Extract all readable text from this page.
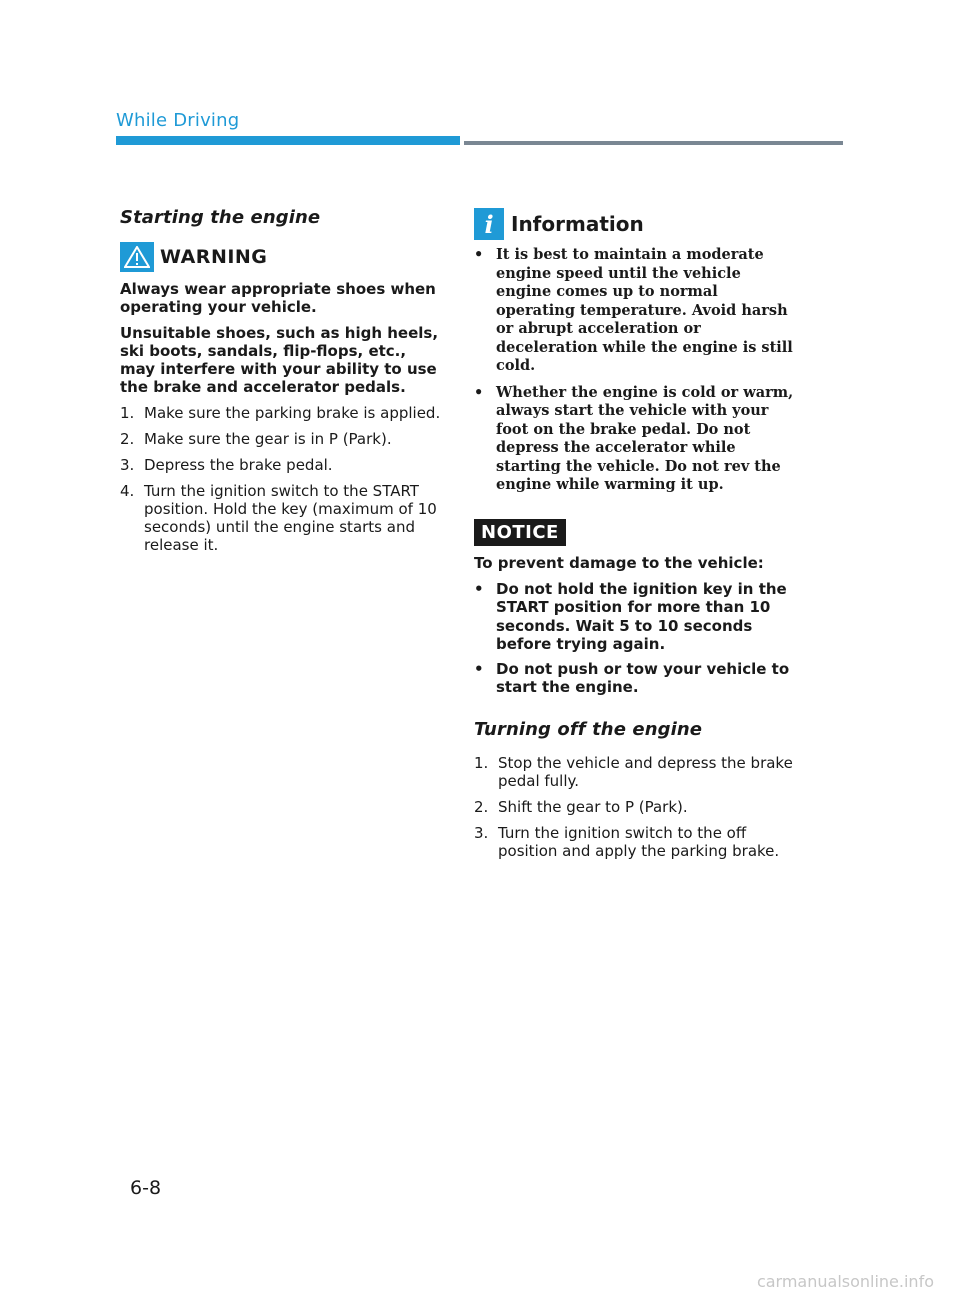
While Driving
Starting the engine
WARNING

Always wear appropriate shoes when operating your vehicle.

Unsuitable shoes, such as high heels, ski boots, sandals, flip-flops, etc., may interfere with your ability to use the brake and accelerator pedals.

1. Make sure the parking brake is applied.
2. Make sure the gear is in P (Park).
3. Depress the brake pedal.
4. Turn the ignition switch to the START position. Hold the key (maximum of 10 seconds) until the engine starts and release it.
i Information
• It is best to maintain a moderate engine speed until the vehicle engine comes up to normal operating temperature. Avoid harsh or abrupt acceleration or deceleration while the engine is still cold.
• Whether the engine is cold or warm, always start the vehicle with your foot on the brake pedal. Do not depress the accelerator while starting the vehicle. Do not rev the engine while warming it up.
NOTICE

To prevent damage to the vehicle:

• Do not hold the ignition key in the START position for more than 10 seconds. Wait 5 to 10 seconds before trying again.
• Do not push or tow your vehicle to start the engine.
Turning off the engine
1. Stop the vehicle and depress the brake pedal fully.
2. Shift the gear to P (Park).
3. Turn the ignition switch to the off position and apply the parking brake.
6-8
carmanualsonline.info
